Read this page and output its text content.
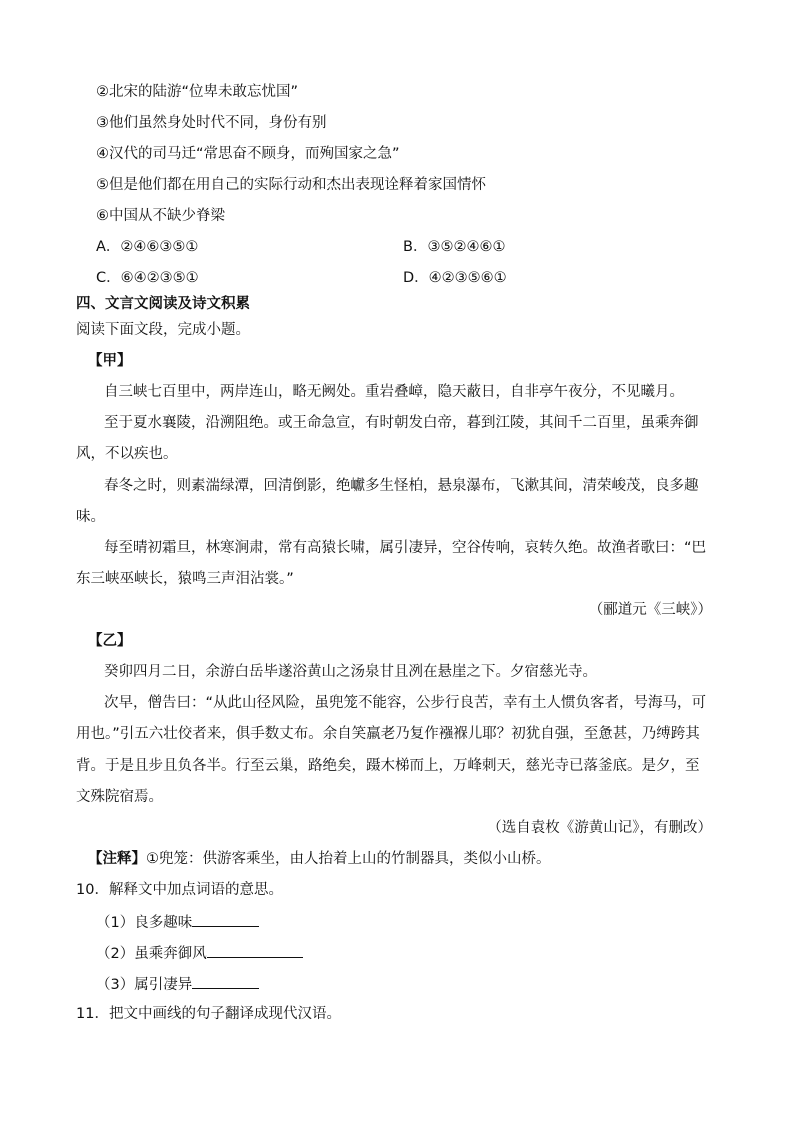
②北宋的陆游“位卑未敢忘忧国”
③他们虽然身处时代不同，身份有别
④汉代的司马迁“常思奋不顾身，而殉国家之急”
⑤但是他们都在用自己的实际行动和杰出表现诠释着家国情怀
⑥中国从不缺少脊梁
A．②④⑥③⑤①	B．③⑤②④⑥①
C．⑥④②③⑤①	D．④②③⑤⑥①
四、文言文阅读及诗文积累
阅读下面文段，完成小题。
【甲】
自三峡七百里中，两岸连山，略无阙处。重岩叠嶂，隐天蔽日，自非亭午夜分，不见曦月。
至于夏水襄陵，沿溯阻绝。或王命急宣，有时朝发白帝，暮到江陵，其间千二百里，虽乘奔御
风，不以疾也。
春冬之时，则素湍绿潭，回清倒影，绝巘多生怪柏，悬泉瀑布，飞漱其间，清荣峻茂，良多趣
味。
每至晴初霜旦，林寒涧肃，常有高猿长啸，属引凄异，空谷传响，哀转久绝。故渔者歌曰：“巴
东三峡巫峡长，猿鸣三声泪沾裳。”
（郦道元《三峡》）
【乙】
癸卯四月二日，余游白岳毕遂浴黄山之汤泉甘且冽在悬崖之下。夕宿慈光寺。
次早，僧告曰：“从此山径风险，虽兜笼不能容，公步行良苦，幸有土人惯负客者，号海马，可
用也。”引五六壮佼者来，俱手数丈布。余自笑羸老乃复作襁褓儿耶？初犹自强，至惫甚，乃缚跨其
背。于是且步且负各半。行至云巢，路绝矣，蹑木梯而上，万峰刺天，慈光寺已落釜底。是夕，至
文殊院宿焉。
（选自袁枚《游黄山记》，有删改）
【注释】①兜笼：供游客乘坐，由人抬着上山的竹制器具，类似小山桥。
10．解释文中加点词语的意思。
（1）良多趣味
（2）虽乘奔御风
（3）属引凄异
11．把文中画线的句子翻译成现代汉语。
